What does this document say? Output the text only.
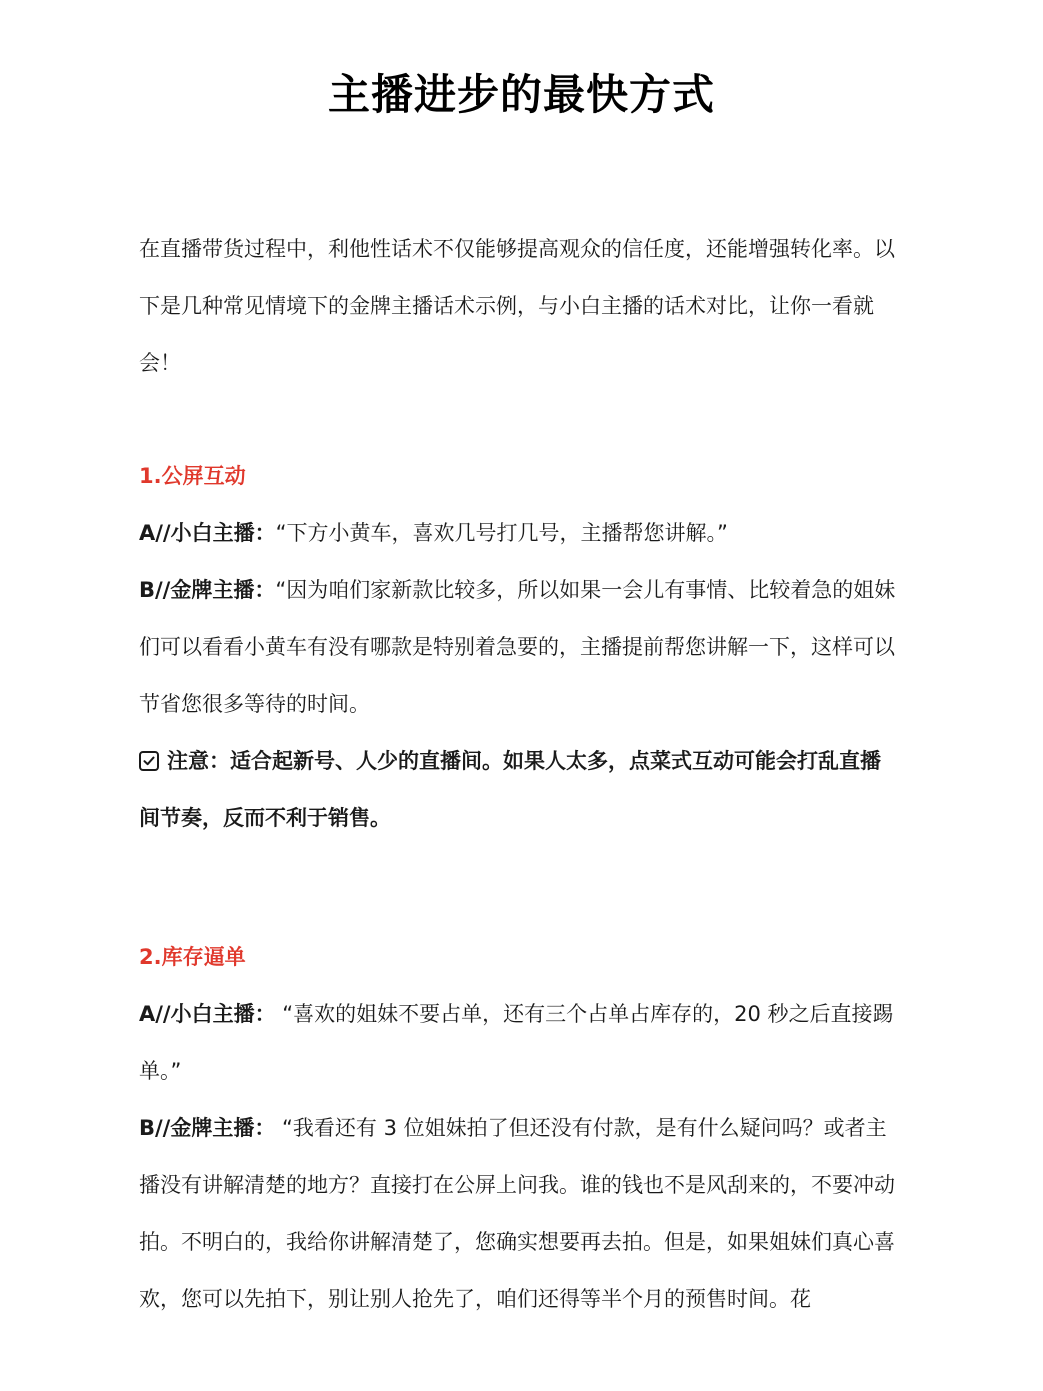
主播进步的最快方式

在直播带货过程中，利他性话术不仅能够提高观众的信任度，还能增强转化率。以下是几种常见情境下的金牌主播话术示例，与小白主播的话术对比，让你一看就会！

1.公屏互动

A//小白主播：“下方小黄车，喜欢几号打几号，主播帮您讲解。”

B//金牌主播：“因为咱们家新款比较多，所以如果一会儿有事情、比较着急的姐妹们可以看看小黄车有没有哪款是特别着急要的，主播提前帮您讲解一下，这样可以节省您很多等待的时间。

注意：适合起新号、人少的直播间。如果人太多，点菜式互动可能会打乱直播间节奏，反而不利于销售。

2.库存逼单

A//小白主播： “喜欢的姐妹不要占单，还有三个占单占库存的，20 秒之后直接踢单。”

B//金牌主播： “我看还有 3 位姐妹拍了但还没有付款，是有什么疑问吗？或者主播没有讲解清楚的地方？直接打在公屏上问我。谁的钱也不是风刮来的，不要冲动拍。不明白的，我给你讲解清楚了，您确实想要再去拍。但是，如果姐妹们真心喜欢，您可以先拍下，别让别人抢先了，咱们还得等半个月的预售时间。花
